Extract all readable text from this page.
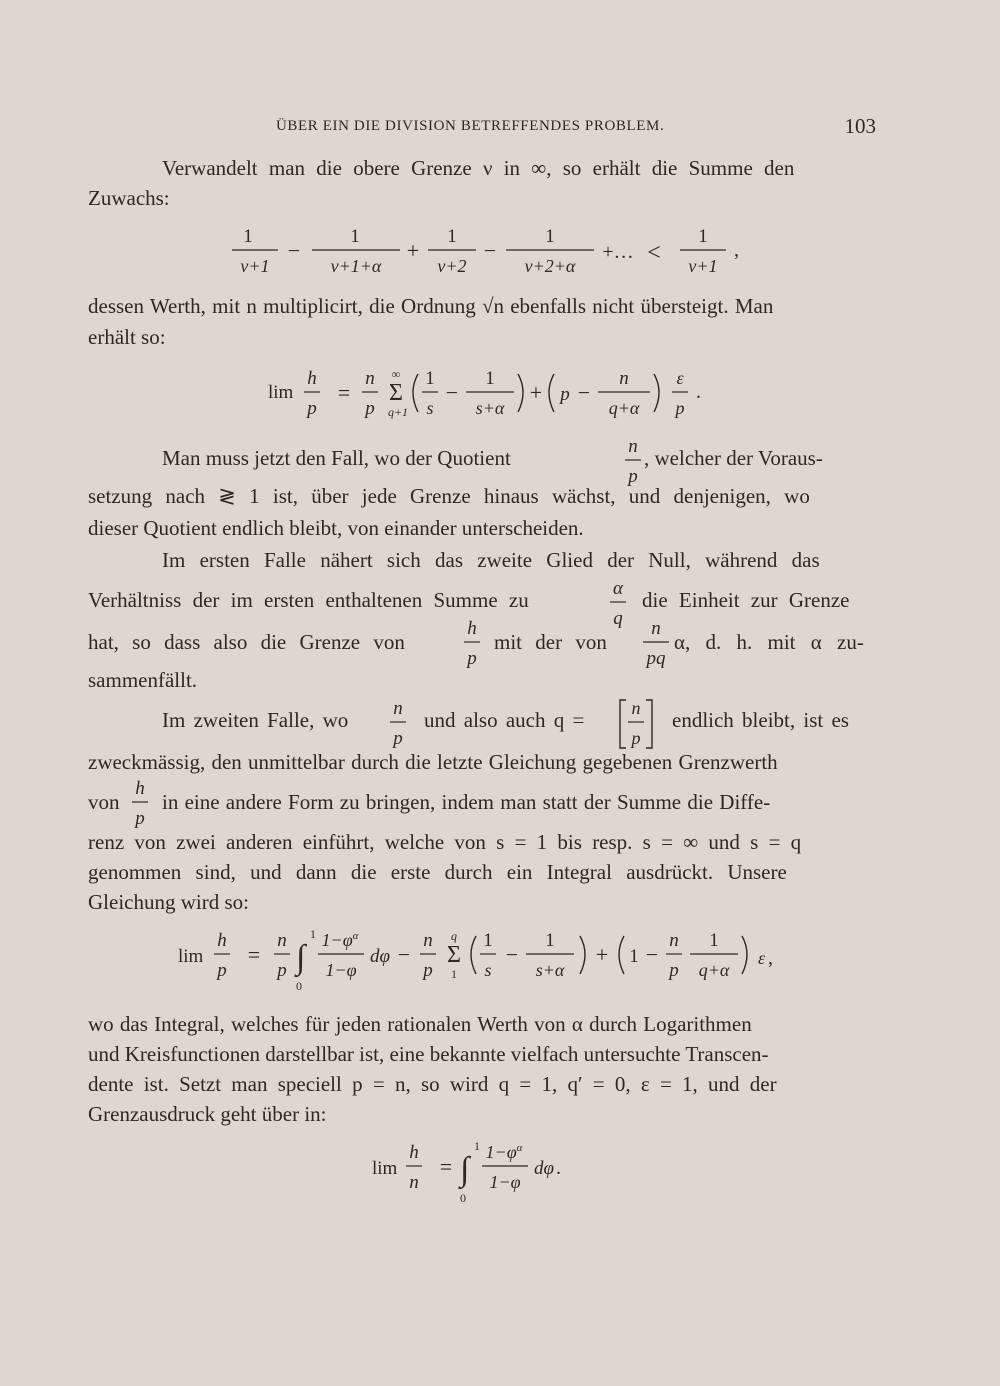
ÜBER EIN DIE DIVISION BETREFFENDES PROBLEM.	103
Verwandelt man die obere Grenze ν in ∞, so erhält die Summe den
Zuwachs:
1
ν+1
−
1
ν+1+α
+
1
ν+2
−
1
ν+2+α
+… <
1
ν+1
,
dessen Werth, mit n multiplicirt, die Ordnung √n ebenfalls nicht übersteigt. Man
erhält so:
lim
h
p
=
n
p
∞
Σ
q+1
1
s
−
1
s+α
+ p −
n
q+α
ε
p
.
Man muss jetzt den Fall, wo der Quotient	n
p
, welcher der Voraus-
setzung nach ≷ 1 ist, über jede Grenze hinaus wächst, und denjenigen, wo
dieser Quotient endlich bleibt, von einander unterscheiden.
Im ersten Falle nähert sich das zweite Glied der Null, während das
Verhältniss der im ersten enthaltenen Summe zu	α
q
die Einheit zur Grenze
hat, so dass also die Grenze von
h
p
mit der von
n
pq
α, d. h. mit α zu-
sammenfällt.
Im zweiten Falle, wo n
p
und also auch q =	n
p
endlich bleibt, ist es
zweckmässig, den unmittelbar durch die letzte Gleichung gegebenen Grenzwerth
von
h
p
in eine andere Form zu bringen, indem man statt der Summe die Diffe-
renz von zwei anderen einführt, welche von s = 1 bis resp. s = ∞ und s = q
genommen sind, und dann die erste durch ein Integral ausdrückt. Unsere
Gleichung wird so:
lim
h
p
=
n
p ∫
1
0
$1-\varphi^\alpha$
1−φ
dφ −
n
p
q
Σ
1
1
s
−
1
s+α
+ 1 −
n
p
1
q+α
ε ,
wo das Integral, welches für jeden rationalen Werth von α durch Logarithmen
und Kreisfunctionen darstellbar ist, eine bekannte vielfach untersuchte Transcen-
dente ist. Setzt man speciell p = n, so wird q = 1, q′ = 0, ε = 1, und der
Grenzausdruck geht über in:
lim
h
n
= ∫
1
0
$1-\varphi^\alpha$
1−φ
dφ .
